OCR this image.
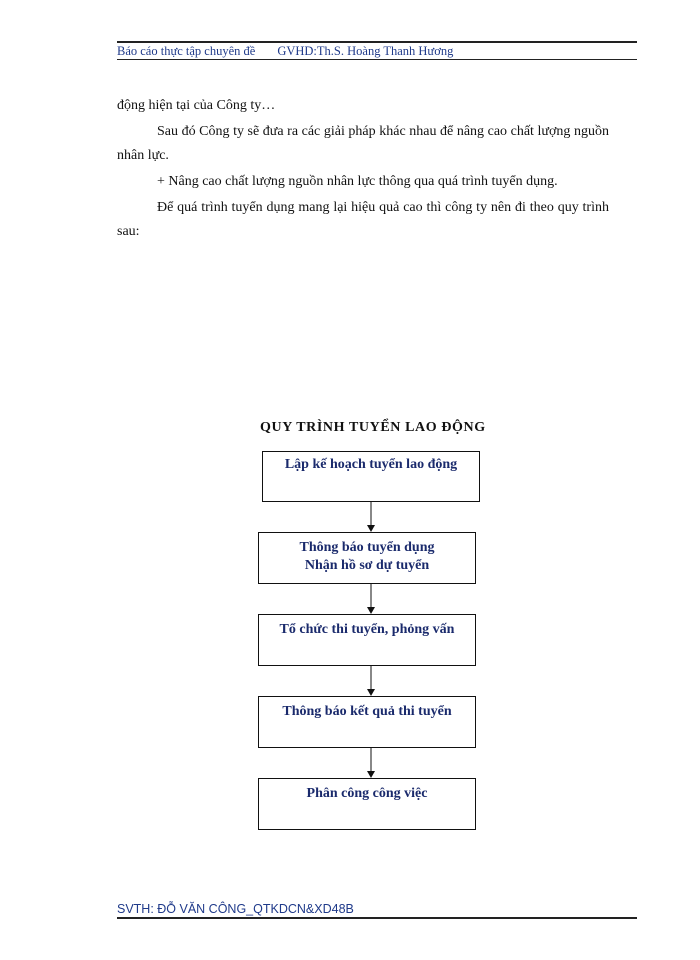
Báo cáo thực tập chuyên đề GVHD:Th.S. Hoàng Thanh Hương

động hiện tại của Công ty…

Sau đó Công ty sẽ đưa ra các giải pháp khác nhau để nâng cao chất lượng nguồn nhân lực.

+ Nâng cao chất lượng nguồn nhân lực thông qua quá trình tuyển dụng.

Để quá trình tuyển dụng mang lại hiệu quả cao thì công ty nên đi theo quy trình sau:

QUY TRÌNH TUYỂN LAO ĐỘNG
Lập kế hoạch tuyển lao động
Thông báo tuyển dụng
Nhận hồ sơ dự tuyển
Tổ chức thi tuyển, phỏng vấn
Thông báo kết quả thi tuyển
Phân công công việc
SVTH: ĐỖ VĂN CÔNG_QTKDCN&XD48B
